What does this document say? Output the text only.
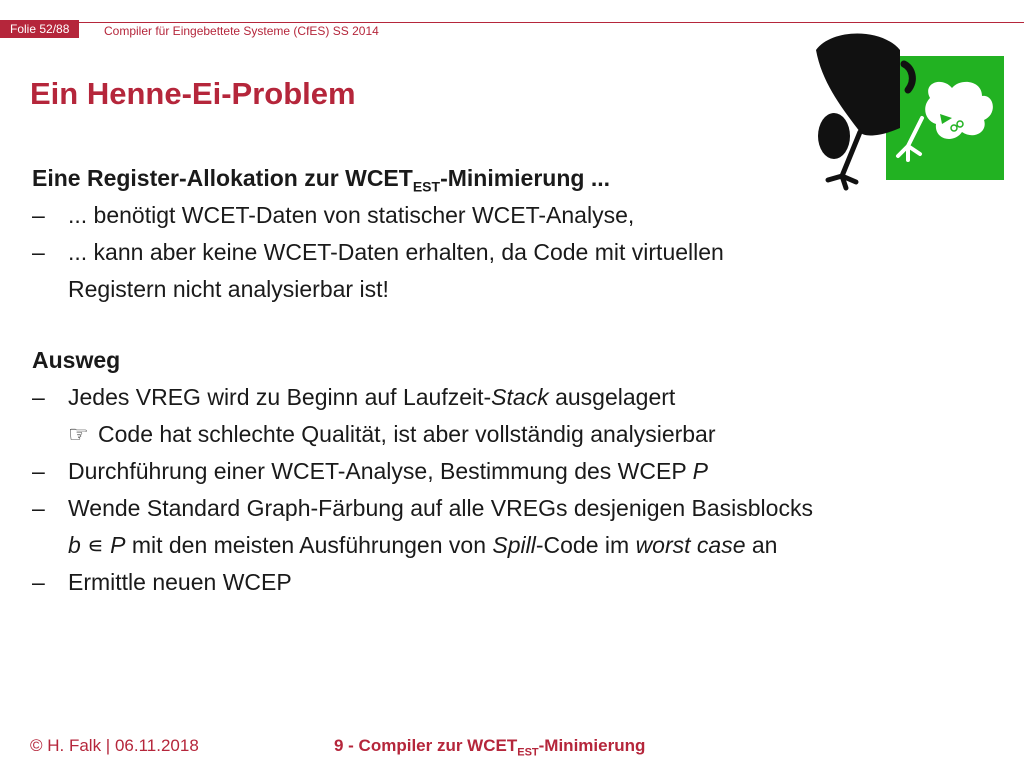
Folie 52/88	Compiler für Eingebettete Systeme (CfES) SS 2014
Ein Henne-Ei-Problem
Eine Register-Allokation zur $WCET_{EST}$-Minimierung ...
– ... benötigt WCET-Daten von statischer WCET-Analyse,
– ... kann aber keine WCET-Daten erhalten, da Code mit virtuellen
Registern nicht analysierbar ist!
Ausweg
– Jedes VREG wird zu Beginn auf Laufzeit-Stack ausgelagert
☞ Code hat schlechte Qualität, ist aber vollständig analysierbar
– Durchführung einer WCET-Analyse, Bestimmung des WCEP P
– Wende Standard Graph-Färbung auf alle VREGs desjenigen Basisblocks
b ∊ P mit den meisten Ausführungen von Spill-Code im worst case an
– Ermittle neuen WCEP
© H. Falk | 06.11.2018	9 - Compiler zur $WCET_{EST}$-Minimierung
